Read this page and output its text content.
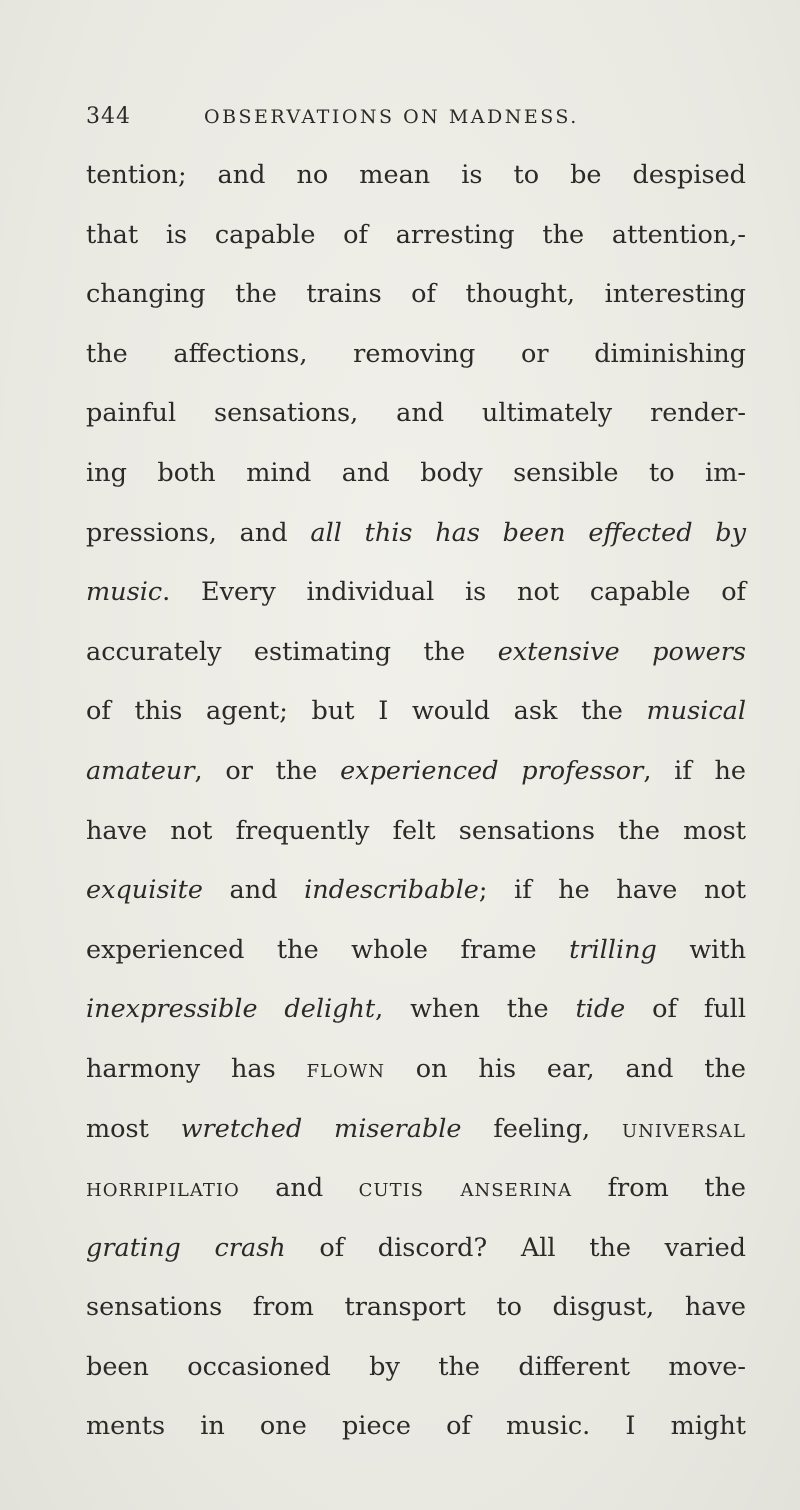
344	OBSERVATIONS ON MADNESS.
tention; and no mean is to be despised
that is capable of arresting the attention,-
changing the trains of thought, interesting
the affections, removing or diminishing
painful sensations, and ultimately render-
ing both mind and body sensible to im-
pressions, and all this has been effected by
music. Every individual is not capable of
accurately estimating the extensive powers
of this agent; but I would ask the musical
amateur, or the experienced professor, if he
have not frequently felt sensations the most
exquisite and indescribable; if he have not
experienced the whole frame trilling with
inexpressible delight, when the tide of full
harmony has flown on his ear, and the
most wretched miserable feeling, universal
horripilatio and cutis anserina from the
grating crash of discord? All the varied
sensations from transport to disgust, have
been occasioned by the different move-
ments in one piece of music. I might
